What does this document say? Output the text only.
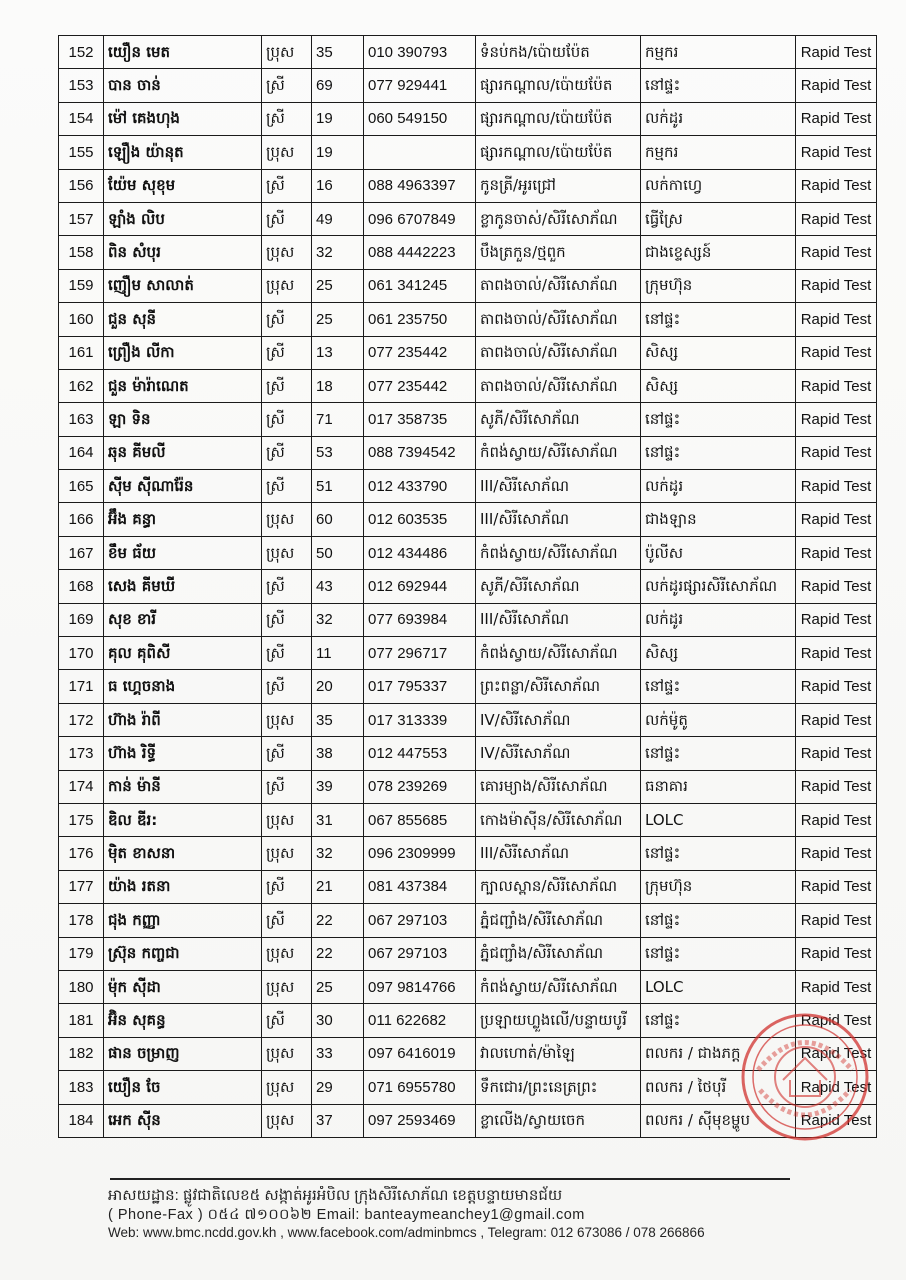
152	យឿន មេត	ប្រុស	35	010 390793	ទំនប់កង/ប៉ោយប៉ែត	កម្មករ	Rapid Test
153	បាន ចាន់	ស្រី	69	077 929441	ផ្សារកណ្ដាល/ប៉ោយប៉ែត	នៅផ្ទះ	Rapid Test
154	ម៉ៅ គេងហុង	ស្រី	19	060 549150	ផ្សារកណ្ដាល/ប៉ោយប៉ែត	លក់ដូរ	Rapid Test
155	ឡឿង យ៉ានុត	ប្រុស	19		ផ្សារកណ្ដាល/ប៉ោយប៉ែត	កម្មករ	Rapid Test
156	យ៉ែម សុខុម	ស្រី	16	088 4963397	កូនត្រី/អូរជ្រៅ	លក់កាហ្វេ	Rapid Test
157	ឡាំង លិប	ស្រី	49	096 6707849	ខ្លាកូនចាស់/សិរីសោភ័ណ	ធ្វើស្រែ	Rapid Test
158	ពិន សំបុរ	ប្រុស	32	088 4442223	បឹងត្រកួន/ថ្មពួក	ជាងខ្ទេស្សន៍	Rapid Test
159	ញឿម សាលាត់	ប្រុស	25	061 341245	តាពងចាល់/សិរីសោភ័ណ	ក្រុមហ៊ុន	Rapid Test
160	ជួន សុនី	ស្រី	25	061 235750	តាពងចាល់/សិរីសោភ័ណ	នៅផ្ទះ	Rapid Test
161	ព្រឿង លីកា	ស្រី	13	077 235442	តាពងចាល់/សិរីសោភ័ណ	សិស្ស	Rapid Test
162	ជួន ម៉ារ៉ាណេត	ស្រី	18	077 235442	តាពងចាល់/សិរីសោភ័ណ	សិស្ស	Rapid Test
163	ឡា ទិន	ស្រី	71	017 358735	សូភី/សិរីសោភ័ណ	នៅផ្ទះ	Rapid Test
164	ឆុន គីមលី	ស្រី	53	088 7394542	កំពង់ស្វាយ/សិរីសោភ័ណ	នៅផ្ទះ	Rapid Test
165	ស៊ីម ស៊ីណារ៉ែន	ស្រី	51	012 433790	III/សិរីសោភ័ណ	លក់ដូរ	Rapid Test
166	អ៊ឹង គន្ធា	ប្រុស	60	012 603535	III/សិរីសោភ័ណ	ជាងឡាន	Rapid Test
167	ខឹម ធ័យ	ប្រុស	50	012 434486	កំពង់ស្វាយ/សិរីសោភ័ណ	ប៉ូលីស	Rapid Test
168	សេង គីមឃី	ស្រី	43	012 692944	សូភី/សិរីសោភ័ណ	លក់ដូរផ្សារសិរីសោភ័ណ	Rapid Test
169	សុខ ខារី	ស្រី	32	077 693984	III/សិរីសោភ័ណ	លក់ដូរ	Rapid Test
170	គុល គុពិសី	ស្រី	11	077 296717	កំពង់ស្វាយ/សិរីសោភ័ណ	សិស្ស	Rapid Test
171	ធ ហ្គេចនាង	ស្រី	20	017 795337	ព្រះពន្លា/សិរីសោភ័ណ	នៅផ្ទះ	Rapid Test
172	ហ៊ាង រ៉ាពី	ប្រុស	35	017 313339	IV/សិរីសោភ័ណ	លក់ម៉ូតូ	Rapid Test
173	ហ៊ាង រិទ្ធី	ស្រី	38	012 447553	IV/សិរីសោភ័ណ	នៅផ្ទះ	Rapid Test
174	កាន់ ម៉ានី	ស្រី	39	078 239269	គោរម្យាង/សិរីសោភ័ណ	ធនាគារ	Rapid Test
175	ឌិល ឌីរ:	ប្រុស	31	067 855685	កោងម៉ាស៊ីន/សិរីសោភ័ណ	LOLC	Rapid Test
176	ម៉ិត ខាសនា	ប្រុស	32	096 2309999	III/សិរីសោភ័ណ	នៅផ្ទះ	Rapid Test
177	យ៉ាង រតនា	ស្រី	21	081 437384	ក្បាលស្ពាន/សិរីសោភ័ណ	ក្រុមហ៊ុន	Rapid Test
178	ជុង កញ្ញា	ស្រី	22	067 297103	ភ្នំជញ្ជាំង/សិរីសោភ័ណ	នៅផ្ទះ	Rapid Test
179	ស្រ៊ុន កញ្ចជា	ប្រុស	22	067 297103	ភ្នំជញ្ជាំង/សិរីសោភ័ណ	នៅផ្ទះ	Rapid Test
180	ម៉ុក ស៊ីដា	ប្រុស	25	097 9814766	កំពង់ស្វាយ/សិរីសោភ័ណ	LOLC	Rapid Test
181	អ៊ិន សុគន្ធ	ស្រី	30	011 622682	ប្រឡាយហ្លួងលើ/បន្ទាយបូរី	នៅផ្ទះ	Rapid Test
182	ផាន ចម្រាញ	ប្រុស	33	097 6416019	វាលហោត់/ម៉ាឡៃ	ពលករ / ជាងភក្ត	Rapid Test
183	យឿន ចែ	ប្រុស	29	071 6955780	ទឹកជោរ/ព្រះនេត្រព្រះ	ពលករ / ថៃបុរី	Rapid Test
184	អេក ស៊ីន	ប្រុស	37	097 2593469	ខ្លាលើង/ស្វាយចេក	ពលករ / ស៊ីមុខម្ហូប	Rapid Test
អាសយដ្ឋាន: ផ្លូវជាតិលេខ៥ សង្កាត់អូរអំបិល ក្រុងសិរីសោភ័ណ ខេត្តបន្ទាយមានជ័យ
( Phone-Fax ) ០៥៤ ៧១០០៦២ Email: banteaymeanchey1@gmail.com
Web: www.bmc.ncdd.gov.kh , www.facebook.com/adminbmcs , Telegram: 012 673086 / 078 266866
